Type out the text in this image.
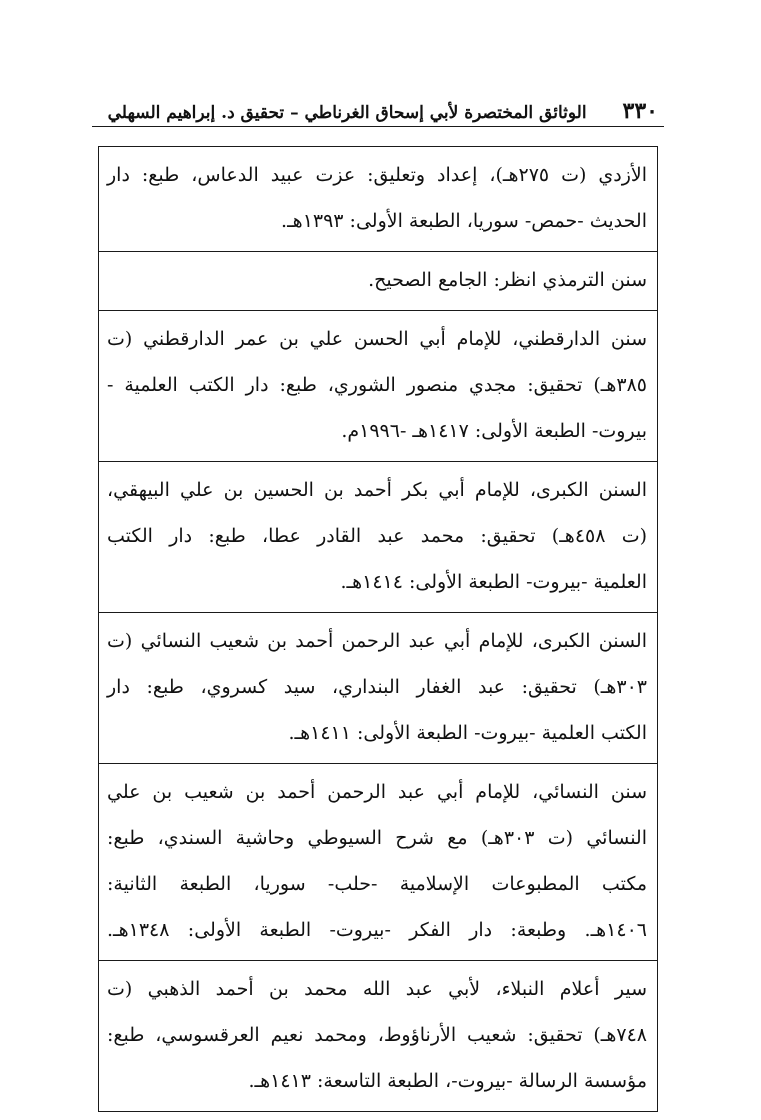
٣٣٠
الوثائق المختصرة لأبي إسحاق الغرناطي – تحقيق د. إبراهيم السهلي
الأزدي (ت ٢٧٥هـ)، إعداد وتعليق: عزت عبيد الدعاس، طبع: دار
الحديث -حمص- سوريا، الطبعة الأولى: ١٣٩٣هـ.
سنن الترمذي انظر: الجامع الصحيح.
سنن الدارقطني، للإمام أبي الحسن علي بن عمر الدارقطني (ت
٣٨٥هـ) تحقيق: مجدي منصور الشوري، طبع: دار الكتب العلمية -
بيروت- الطبعة الأولى: ١٤١٧هـ -١٩٩٦م.
السنن الكبرى، للإمام أبي بكر أحمد بن الحسين بن علي البيهقي،
(ت ٤٥٨هـ) تحقيق: محمد عبد القادر عطا، طبع: دار الكتب
العلمية -بيروت- الطبعة الأولى: ١٤١٤هـ.
السنن الكبرى، للإمام أبي عبد الرحمن أحمد بن شعيب النسائي (ت
٣٠٣هـ) تحقيق: عبد الغفار البنداري، سيد كسروي، طبع: دار
الكتب العلمية -بيروت- الطبعة الأولى: ١٤١١هـ.
سنن النسائي، للإمام أبي عبد الرحمن أحمد بن شعيب بن علي
النسائي (ت ٣٠٣هـ) مع شرح السيوطي وحاشية السندي، طبع:
مكتب المطبوعات الإسلامية -حلب- سوريا، الطبعة الثانية:
١٤٠٦هـ. وطبعة: دار الفكر -بيروت- الطبعة الأولى: ١٣٤٨هـ.
سير أعلام النبلاء، لأبي عبد الله محمد بن أحمد الذهبي (ت
٧٤٨هـ) تحقيق: شعيب الأرناؤوط، ومحمد نعيم العرقسوسي، طبع:
مؤسسة الرسالة -بيروت-، الطبعة التاسعة: ١٤١٣هـ.
